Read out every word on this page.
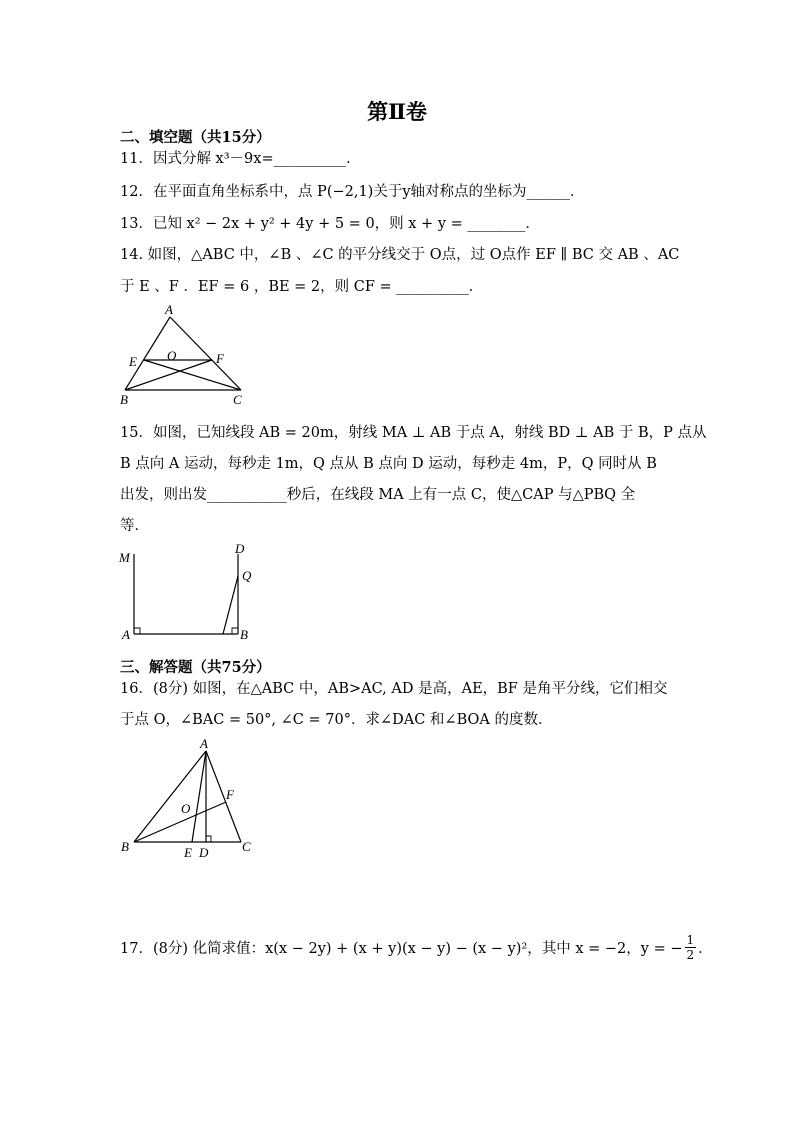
第Ⅱ卷
二、填空题（共15分）
11．因式分解 x³－9x=__________．
12．在平面直角坐标系中，点 P(−2,1)关于y轴对称点的坐标为______．
13．已知 x² − 2x + y² + 4y + 5 = 0，则 x + y = ________．
14. 如图，△ABC 中，∠B 、∠C 的平分线交于 O点，过 O点作 EF ∥ BC 交 AB 、AC
于 E 、F ．EF = 6 ，BE = 2，则 CF = __________．
A
E O	F
B	C
15．如图，已知线段 AB = 20m，射线 MA ⊥ AB 于点 A，射线 BD ⊥ AB 于 B，P 点从
B 点向 A 运动，每秒走 1m，Q 点从 B 点向 D 运动，每秒走 4m，P，Q 同时从 B
出发，则出发___________秒后，在线段 MA 上有一点 C，使△CAP 与△PBQ 全
等．
M
D
Q
A	B
三、解答题（共75分）
16．(8分) 如图，在△ABC 中，AB>AC, AD 是高，AE，BF 是角平分线，它们相交
于点 O，∠BAC = 50°, ∠C = 70°．求∠DAC 和∠BOA 的度数．
A
O
F
B	E D	C
17．(8分) 化简求值：x(x − 2y) + (x + y)(x − y) − (x − y)²，其中 x = −2，y = − $\frac{1}{2}$ ．
